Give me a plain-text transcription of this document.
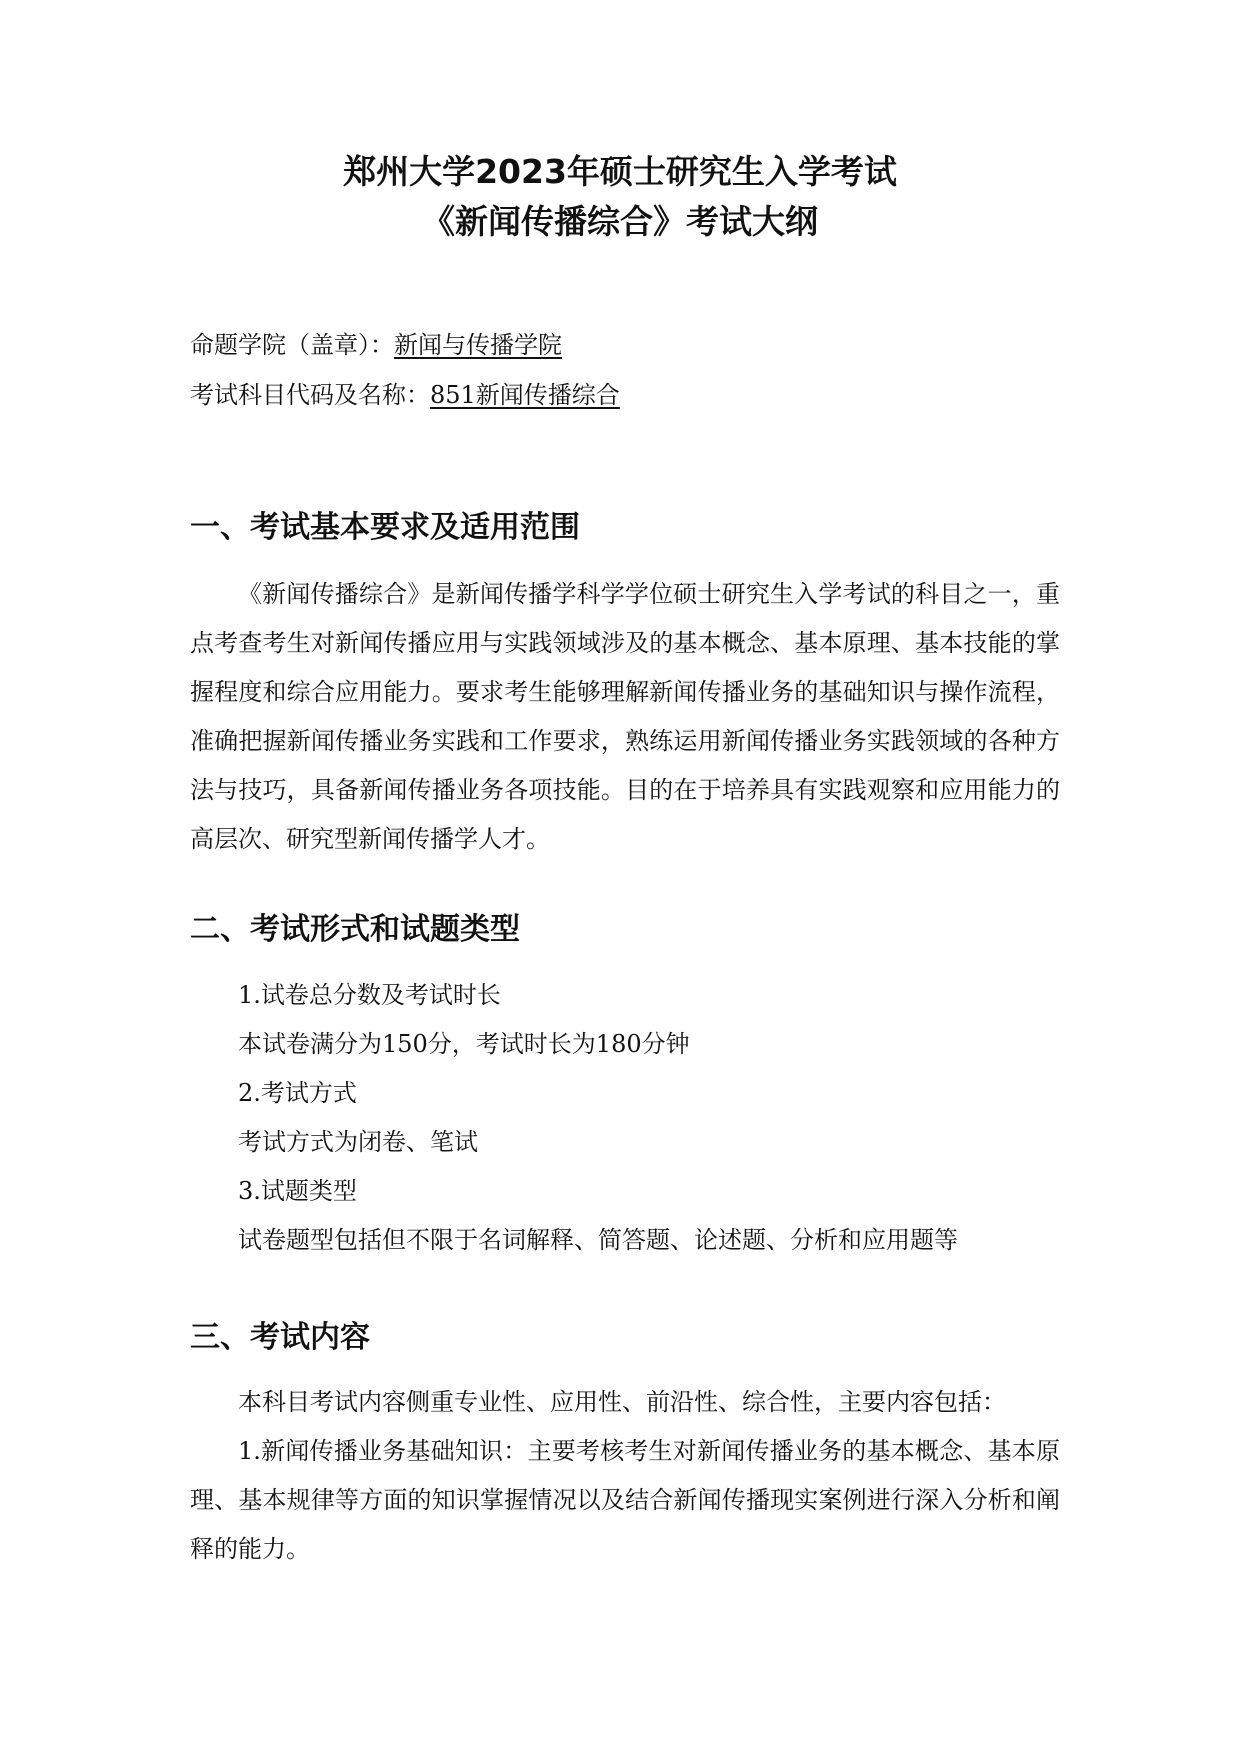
郑州大学2023年硕士研究生入学考试
《新闻传播综合》考试大纲
命题学院（盖章）：新闻与传播学院
考试科目代码及名称：851新闻传播综合
一、考试基本要求及适用范围
《新闻传播综合》是新闻传播学科学学位硕士研究生入学考试的科目之一，重点考查考生对新闻传播应用与实践领域涉及的基本概念、基本原理、基本技能的掌握程度和综合应用能力。要求考生能够理解新闻传播业务的基础知识与操作流程，准确把握新闻传播业务实践和工作要求，熟练运用新闻传播业务实践领域的各种方法与技巧，具备新闻传播业务各项技能。目的在于培养具有实践观察和应用能力的高层次、研究型新闻传播学人才。
二、考试形式和试题类型
1.试卷总分数及考试时长
本试卷满分为150分，考试时长为180分钟
2.考试方式
考试方式为闭卷、笔试
3.试题类型
试卷题型包括但不限于名词解释、简答题、论述题、分析和应用题等
三、考试内容
本科目考试内容侧重专业性、应用性、前沿性、综合性，主要内容包括：
1.新闻传播业务基础知识：主要考核考生对新闻传播业务的基本概念、基本原理、基本规律等方面的知识掌握情况以及结合新闻传播现实案例进行深入分析和阐释的能力。
